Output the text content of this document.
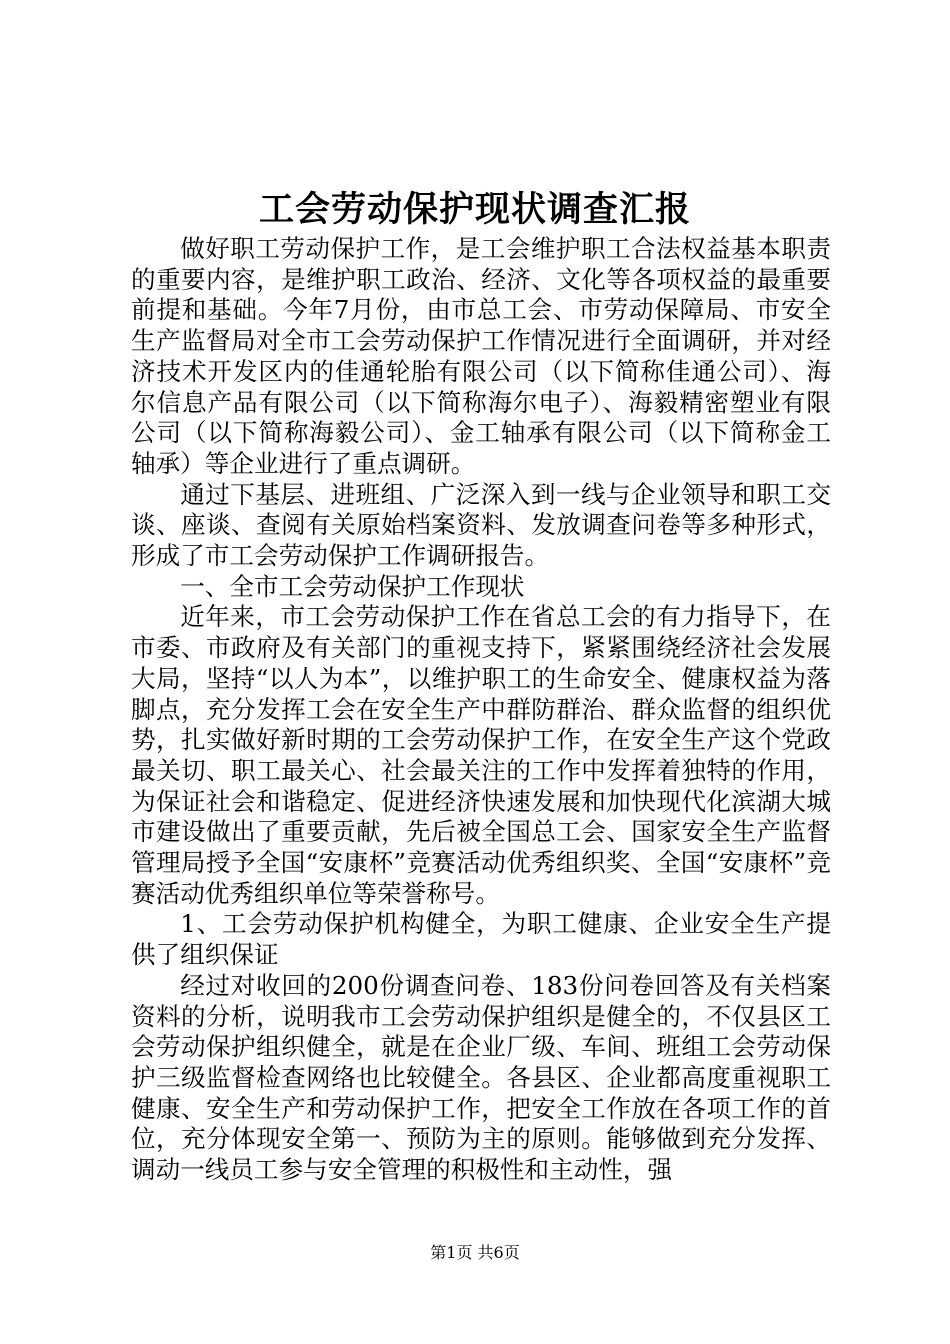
工会劳动保护现状调查汇报

做好职工劳动保护工作，是工会维护职工合法权益基本职责的重要内容，是维护职工政治、经济、文化等各项权益的最重要前提和基础。今年7月份，由市总工会、市劳动保障局、市安全生产监督局对全市工会劳动保护工作情况进行全面调研，并对经济技术开发区内的佳通轮胎有限公司（以下简称佳通公司）、海尔信息产品有限公司（以下简称海尔电子）、海毅精密塑业有限公司（以下简称海毅公司）、金工轴承有限公司（以下简称金工轴承）等企业进行了重点调研。

通过下基层、进班组、广泛深入到一线与企业领导和职工交谈、座谈、查阅有关原始档案资料、发放调查问卷等多种形式，形成了市工会劳动保护工作调研报告。

一、全市工会劳动保护工作现状

近年来，市工会劳动保护工作在省总工会的有力指导下，在市委、市政府及有关部门的重视支持下，紧紧围绕经济社会发展大局，坚持“以人为本”，以维护职工的生命安全、健康权益为落脚点，充分发挥工会在安全生产中群防群治、群众监督的组织优势，扎实做好新时期的工会劳动保护工作，在安全生产这个党政最关切、职工最关心、社会最关注的工作中发挥着独特的作用，为保证社会和谐稳定、促进经济快速发展和加快现代化滨湖大城市建设做出了重要贡献，先后被全国总工会、国家安全生产监督管理局授予全国“安康杯”竞赛活动优秀组织奖、全国“安康杯”竞赛活动优秀组织单位等荣誉称号。

1、工会劳动保护机构健全，为职工健康、企业安全生产提供了组织保证

经过对收回的200份调查问卷、183份问卷回答及有关档案资料的分析，说明我市工会劳动保护组织是健全的，不仅县区工会劳动保护组织健全，就是在企业厂级、车间、班组工会劳动保护三级监督检查网络也比较健全。各县区、企业都高度重视职工健康、安全生产和劳动保护工作，把安全工作放在各项工作的首位，充分体现安全第一、预防为主的原则。能够做到充分发挥、调动一线员工参与安全管理的积极性和主动性，强

第1页 共6页
